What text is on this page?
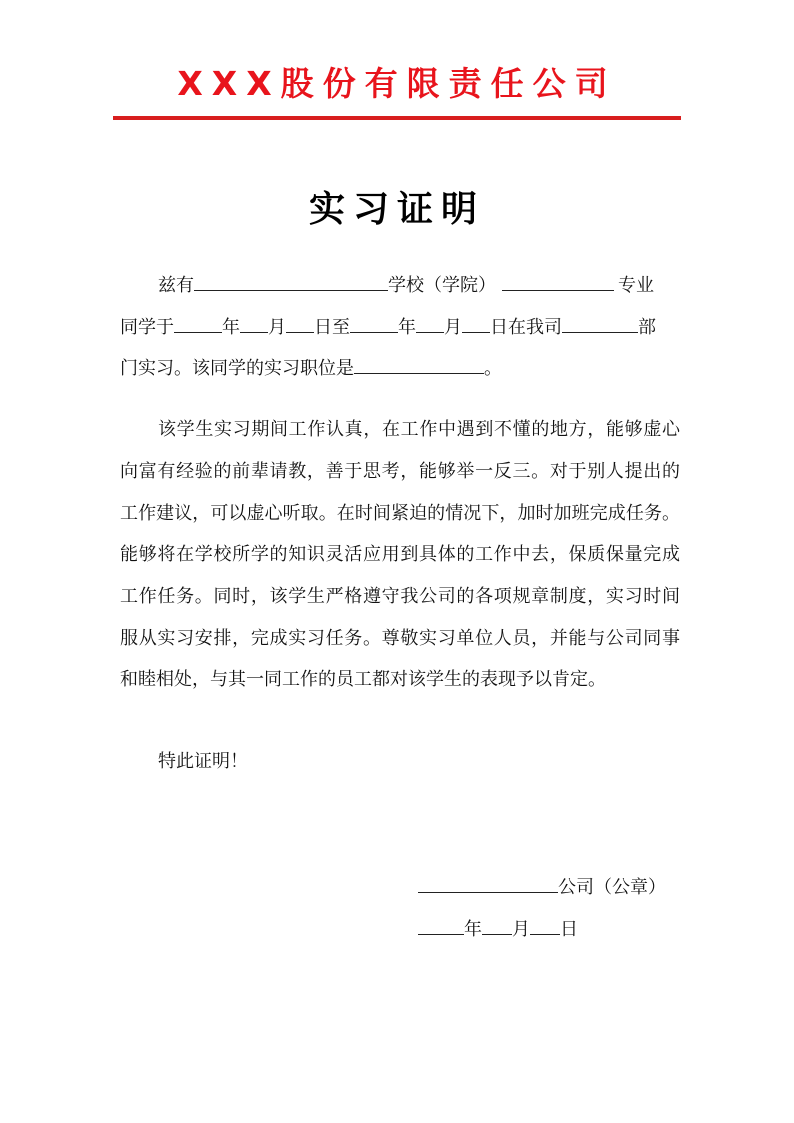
XXX股份有限责任公司
实习证明
兹有	学校（学院）	专业
同学于	年 月 日至	年 月 日在我司	部
门实习。该同学的实习职位是	。
该学生实习期间工作认真，在工作中遇到不懂的地方，能够虚心
向富有经验的前辈请教，善于思考，能够举一反三。对于别人提出的
工作建议，可以虚心听取。在时间紧迫的情况下，加时加班完成任务。
能够将在学校所学的知识灵活应用到具体的工作中去，保质保量完成
工作任务。同时，该学生严格遵守我公司的各项规章制度，实习时间
服从实习安排，完成实习任务。尊敬实习单位人员，并能与公司同事
和睦相处，与其一同工作的员工都对该学生的表现予以肯定。
特此证明！
公司（公章）
年 月 日
